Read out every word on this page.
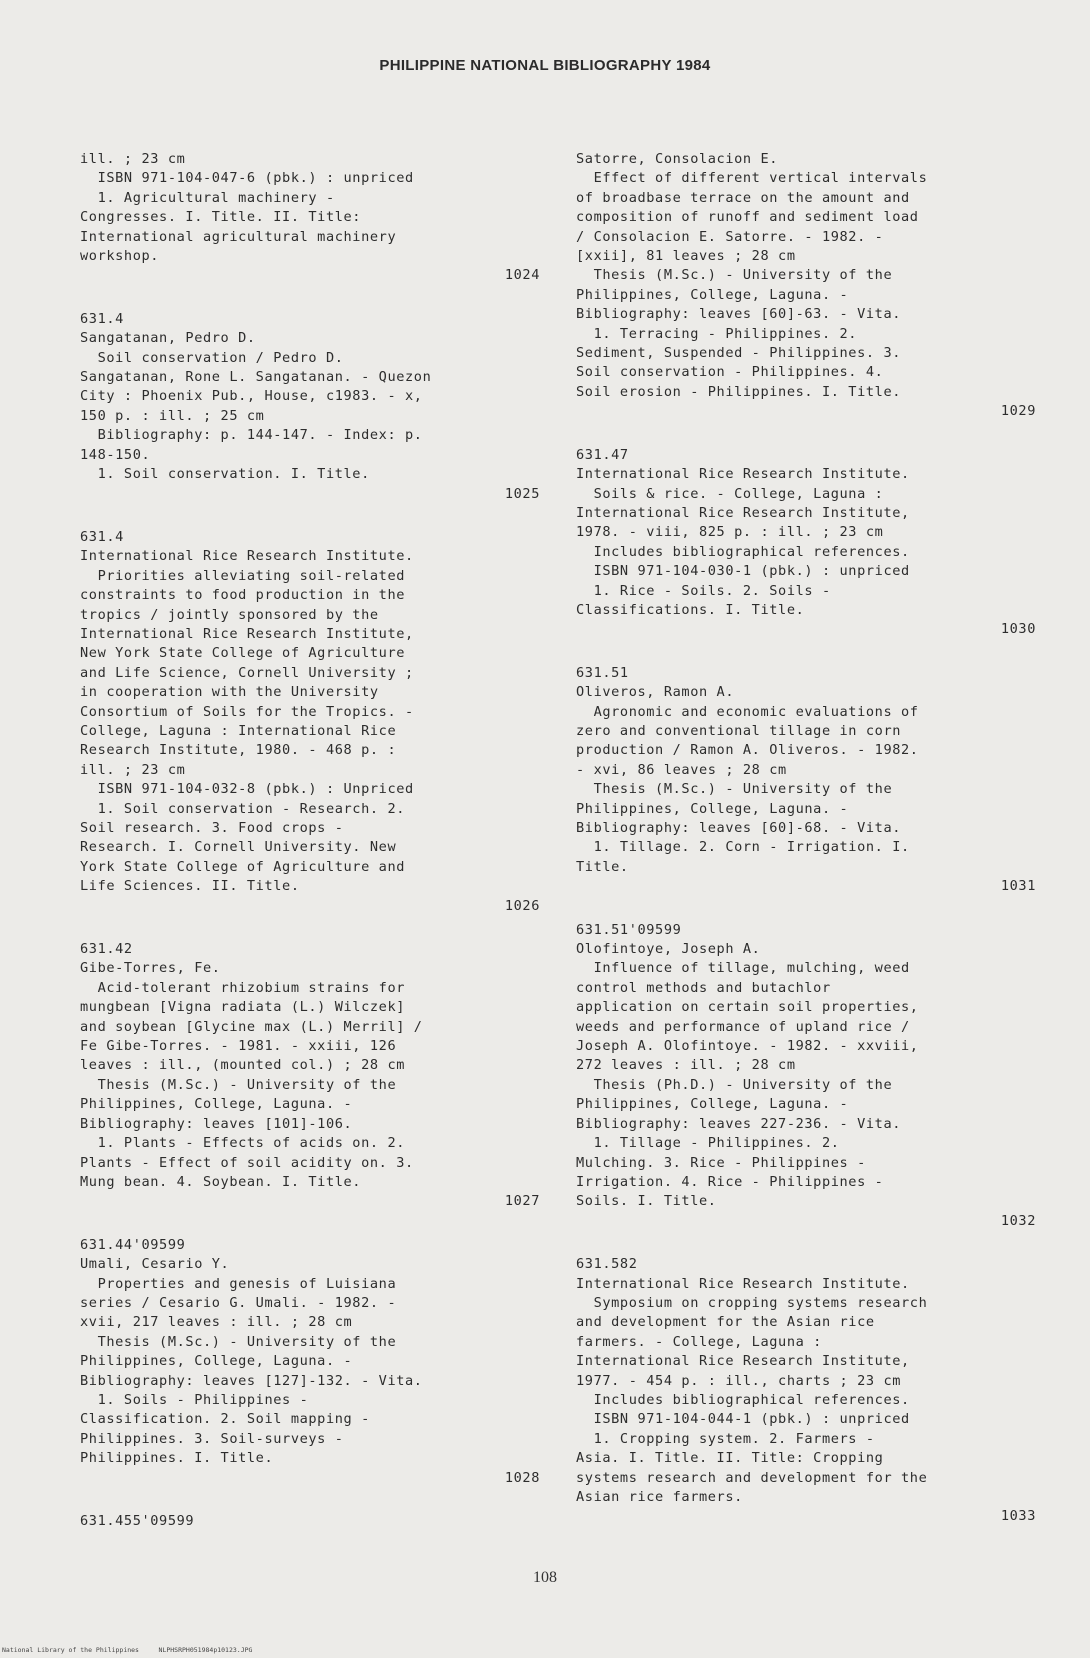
PHILIPPINE NATIONAL BIBLIOGRAPHY 1984
ill. ; 23 cm
ISBN 971-104-047-6 (pbk.) : unpriced
1. Agricultural machinery -
Congresses. I. Title. II. Title:
International agricultural machinery
workshop.
1024
631.4
Sangatanan, Pedro D.
Soil conservation / Pedro D.
Sangatanan, Rone L. Sangatanan. - Quezon
City : Phoenix Pub., House, c1983. - x,
150 p. : ill. ; 25 cm
Bibliography: p. 144-147. - Index: p.
148-150.
1. Soil conservation. I. Title.
1025
631.4
International Rice Research Institute.
Priorities alleviating soil-related
constraints to food production in the
tropics / jointly sponsored by the
International Rice Research Institute,
New York State College of Agriculture
and Life Science, Cornell University ;
in cooperation with the University
Consortium of Soils for the Tropics. -
College, Laguna : International Rice
Research Institute, 1980. - 468 p. :
ill. ; 23 cm
ISBN 971-104-032-8 (pbk.) : Unpriced
1. Soil conservation - Research. 2.
Soil research. 3. Food crops -
Research. I. Cornell University. New
York State College of Agriculture and
Life Sciences. II. Title.
1026
631.42
Gibe-Torres, Fe.
Acid-tolerant rhizobium strains for
mungbean [Vigna radiata (L.) Wilczek]
and soybean [Glycine max (L.) Merril] /
Fe Gibe-Torres. - 1981. - xxiii, 126
leaves : ill., (mounted col.) ; 28 cm
Thesis (M.Sc.) - University of the
Philippines, College, Laguna. -
Bibliography: leaves [101]-106.
1. Plants - Effects of acids on. 2.
Plants - Effect of soil acidity on. 3.
Mung bean. 4. Soybean. I. Title.
1027
631.44'09599
Umali, Cesario Y.
Properties and genesis of Luisiana
series / Cesario G. Umali. - 1982. -
xvii, 217 leaves : ill. ; 28 cm
Thesis (M.Sc.) - University of the
Philippines, College, Laguna. -
Bibliography: leaves [127]-132. - Vita.
1. Soils - Philippines -
Classification. 2. Soil mapping -
Philippines. 3. Soil-surveys -
Philippines. I. Title.
1028
631.455'09599
Satorre, Consolacion E.
Effect of different vertical intervals
of broadbase terrace on the amount and
composition of runoff and sediment load
/ Consolacion E. Satorre. - 1982. -
[xxii], 81 leaves ; 28 cm
Thesis (M.Sc.) - University of the
Philippines, College, Laguna. -
Bibliography: leaves [60]-63. - Vita.
1. Terracing - Philippines. 2.
Sediment, Suspended - Philippines. 3.
Soil conservation - Philippines. 4.
Soil erosion - Philippines. I. Title.
1029
631.47
International Rice Research Institute.
Soils & rice. - College, Laguna :
International Rice Research Institute,
1978. - viii, 825 p. : ill. ; 23 cm
Includes bibliographical references.
ISBN 971-104-030-1 (pbk.) : unpriced
1. Rice - Soils. 2. Soils -
Classifications. I. Title.
1030
631.51
Oliveros, Ramon A.
Agronomic and economic evaluations of
zero and conventional tillage in corn
production / Ramon A. Oliveros. - 1982.
- xvi, 86 leaves ; 28 cm
Thesis (M.Sc.) - University of the
Philippines, College, Laguna. -
Bibliography: leaves [60]-68. - Vita.
1. Tillage. 2. Corn - Irrigation. I.
Title.
1031
631.51'09599
Olofintoye, Joseph A.
Influence of tillage, mulching, weed
control methods and butachlor
application on certain soil properties,
weeds and performance of upland rice /
Joseph A. Olofintoye. - 1982. - xxviii,
272 leaves : ill. ; 28 cm
Thesis (Ph.D.) - University of the
Philippines, College, Laguna. -
Bibliography: leaves 227-236. - Vita.
1. Tillage - Philippines. 2.
Mulching. 3. Rice - Philippines -
Irrigation. 4. Rice - Philippines -
Soils. I. Title.
1032
631.582
International Rice Research Institute.
Symposium on cropping systems research
and development for the Asian rice
farmers. - College, Laguna :
International Rice Research Institute,
1977. - 454 p. : ill., charts ; 23 cm
Includes bibliographical references.
ISBN 971-104-044-1 (pbk.) : unpriced
1. Cropping system. 2. Farmers -
Asia. I. Title. II. Title: Cropping
systems research and development for the
Asian rice farmers.
1033
108
National Library of the Philippines     NLPHSRPH051984p10123.JPG
